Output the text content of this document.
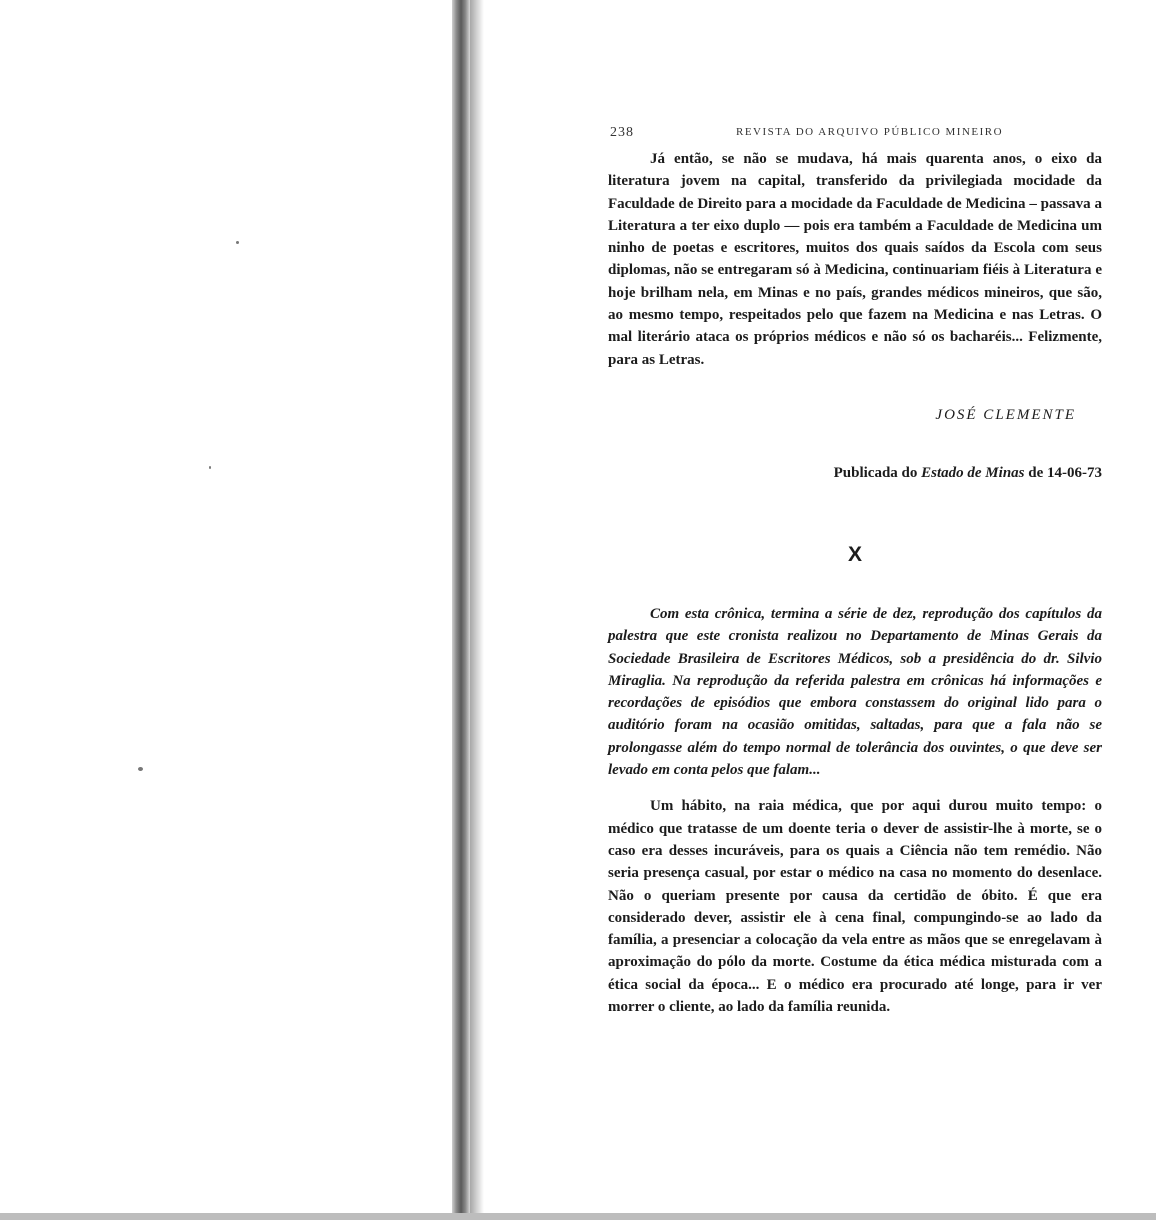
238	REVISTA DO ARQUIVO PÚBLICO MINEIRO

Já então, se não se mudava, há mais quarenta anos, o eixo da literatura jovem na capital, transferido da privilegiada mocidade da Faculdade de Direito para a mocidade da Faculdade de Medicina – passava a Literatura a ter eixo duplo — pois era também a Faculdade de Medicina um ninho de poetas e escritores, muitos dos quais saídos da Escola com seus diplomas, não se entregaram só à Medicina, continuariam fiéis à Literatura e hoje brilham nela, em Minas e no país, grandes médicos mineiros, que são, ao mesmo tempo, respeitados pelo que fazem na Medicina e nas Letras. O mal literário ataca os próprios médicos e não só os bacharéis... Felizmente, para as Letras.

JOSÉ CLEMENTE
Publicada do Estado de Minas de 14-06-73
X

Com esta crônica, termina a série de dez, reprodução dos capítulos da palestra que este cronista realizou no Departamento de Minas Gerais da Sociedade Brasileira de Escritores Médicos, sob a presidência do dr. Silvio Miraglia. Na reprodução da referida palestra em crônicas há informações e recordações de episódios que embora constassem do original lido para o auditório foram na ocasião omitidas, saltadas, para que a fala não se prolongasse além do tempo normal de tolerância dos ouvintes, o que deve ser levado em conta pelos que falam...

Um hábito, na raia médica, que por aqui durou muito tempo: o médico que tratasse de um doente teria o dever de assistir-lhe à morte, se o caso era desses incuráveis, para os quais a Ciência não tem remédio. Não seria presença casual, por estar o médico na casa no momento do desenlace. Não o queriam presente por causa da certidão de óbito. É que era considerado dever, assistir ele à cena final, compungindo-se ao lado da família, a presenciar a colocação da vela entre as mãos que se enregelavam à aproximação do pólo da morte. Costume da ética médica misturada com a ética social da época... E o médico era procurado até longe, para ir ver morrer o cliente, ao lado da família reunida.
